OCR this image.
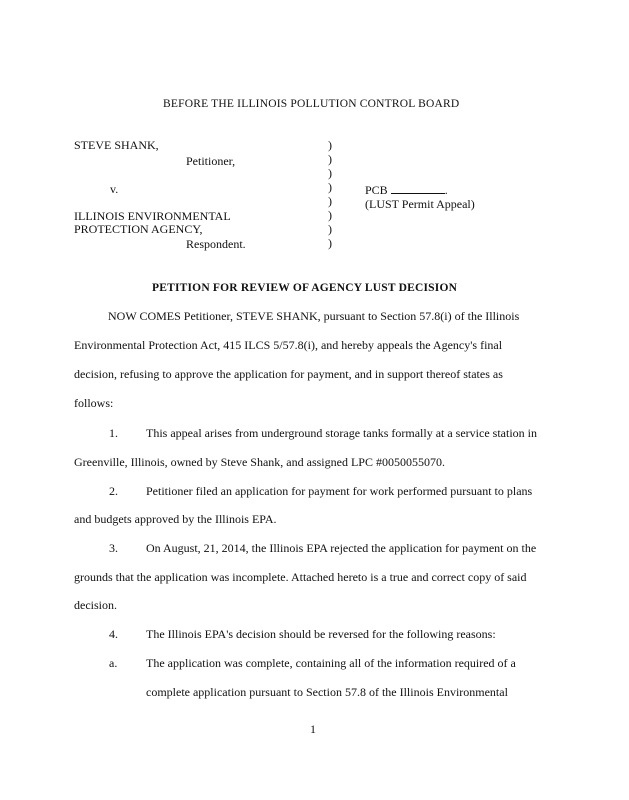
BEFORE THE ILLINOIS POLLUTION CONTROL BOARD
STEVE SHANK,
Petitioner,
v.
ILLINOIS ENVIRONMENTAL
PROTECTION AGENCY,
Respondent.
)
)
)
)
)
)
)
)
PCB	.
(LUST Permit Appeal)
PETITION FOR REVIEW OF AGENCY LUST DECISION
NOW COMES Petitioner, STEVE SHANK, pursuant to Section 57.8(i) of the Illinois
Environmental Protection Act, 415 ILCS 5/57.8(i), and hereby appeals the Agency's final
decision, refusing to approve the application for payment, and in support thereof states as
follows:
1. This appeal arises from underground storage tanks formally at a service station in
Greenville, Illinois, owned by Steve Shank, and assigned LPC #0050055070.
2. Petitioner filed an application for payment for work performed pursuant to plans
and budgets approved by the Illinois EPA.
3. On August, 21, 2014, the Illinois EPA rejected the application for payment on the
grounds that the application was incomplete. Attached hereto is a true and correct copy of said
decision.
4. The Illinois EPA's decision should be reversed for the following reasons:
a. The application was complete, containing all of the information required of a
complete application pursuant to Section 57.8 of the Illinois Environmental
1
